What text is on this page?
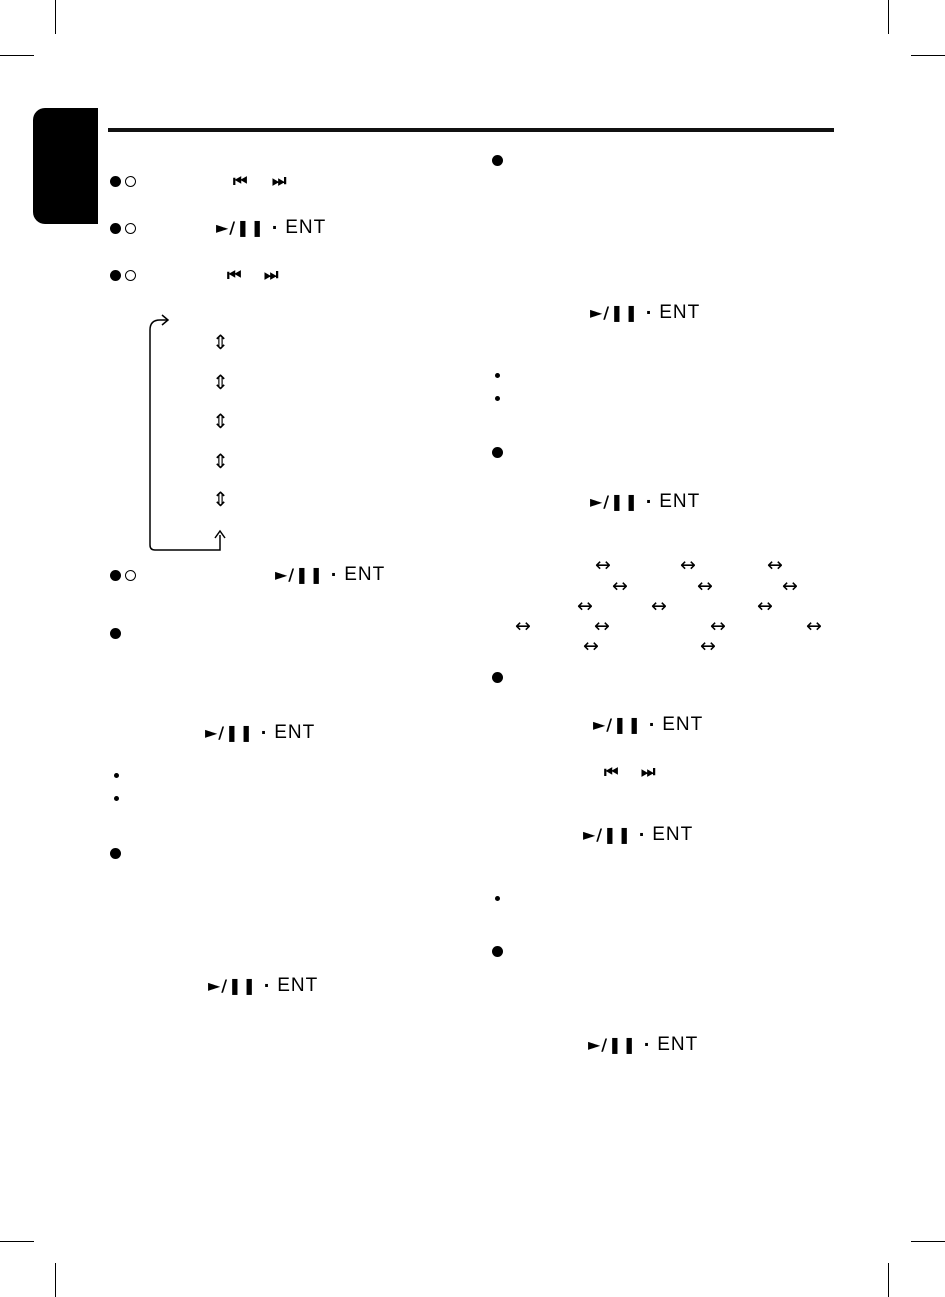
⏮ ⏭
►/❚❚ · ENT
⏮ ⏭
⇕
⇕
⇕
⇕
⇕
►/❚❚ · ENT
►/❚❚ · ENT
►/❚❚ · ENT
►/❚❚ · ENT
►/❚❚ · ENT
↔	↔	↔
↔	↔	↔
↔	↔	↔
↔	↔	↔	↔
↔	↔
►/❚❚ · ENT
⏮ ⏭
►/❚❚ · ENT
►/❚❚ · ENT
